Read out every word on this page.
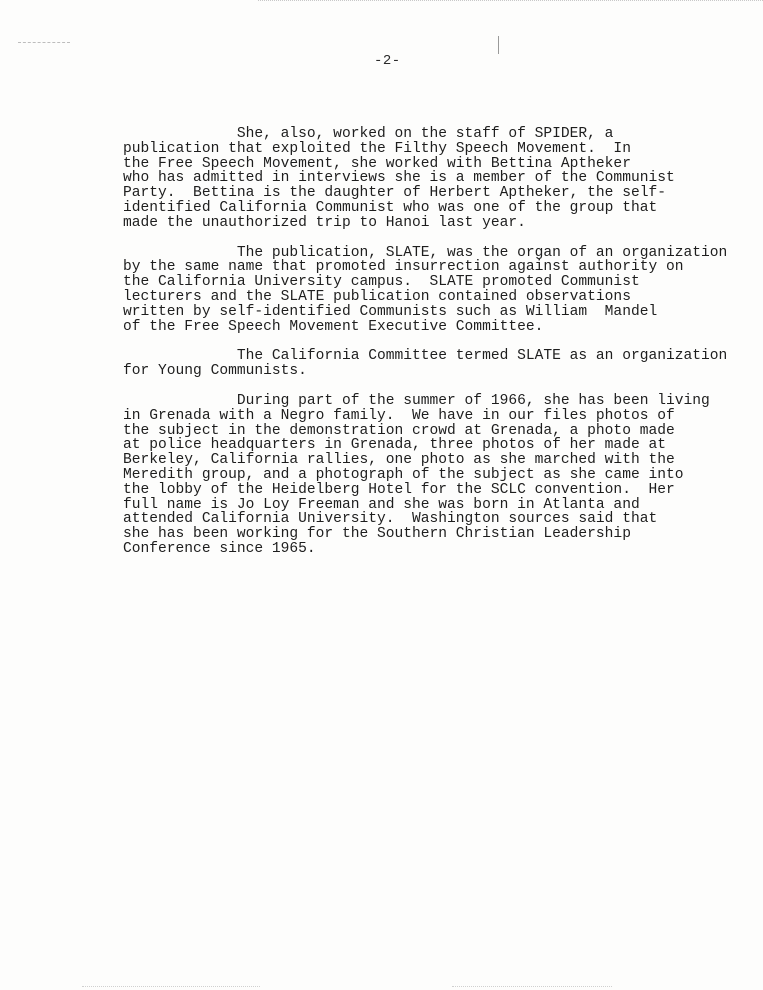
-2-
She, also, worked on the staff of SPIDER, a
publication that exploited the Filthy Speech Movement.  In
the Free Speech Movement, she worked with Bettina Aptheker
who has admitted in interviews she is a member of the Communist
Party.  Bettina is the daughter of Herbert Aptheker, the self-
identified California Communist who was one of the group that
made the unauthorized trip to Hanoi last year.
The publication, SLATE, was the organ of an organization
by the same name that promoted insurrection against authority on
the California University campus.  SLATE promoted Communist
lecturers and the SLATE publication contained observations
written by self-identified Communists such as William  Mandel
of the Free Speech Movement Executive Committee.
The California Committee termed SLATE as an organization
for Young Communists.
During part of the summer of 1966, she has been living
in Grenada with a Negro family.  We have in our files photos of
the subject in the demonstration crowd at Grenada, a photo made
at police headquarters in Grenada, three photos of her made at
Berkeley, California rallies, one photo as she marched with the
Meredith group, and a photograph of the subject as she came into
the lobby of the Heidelberg Hotel for the SCLC convention.  Her
full name is Jo Loy Freeman and she was born in Atlanta and
attended California University.  Washington sources said that
she has been working for the Southern Christian Leadership
Conference since 1965.
